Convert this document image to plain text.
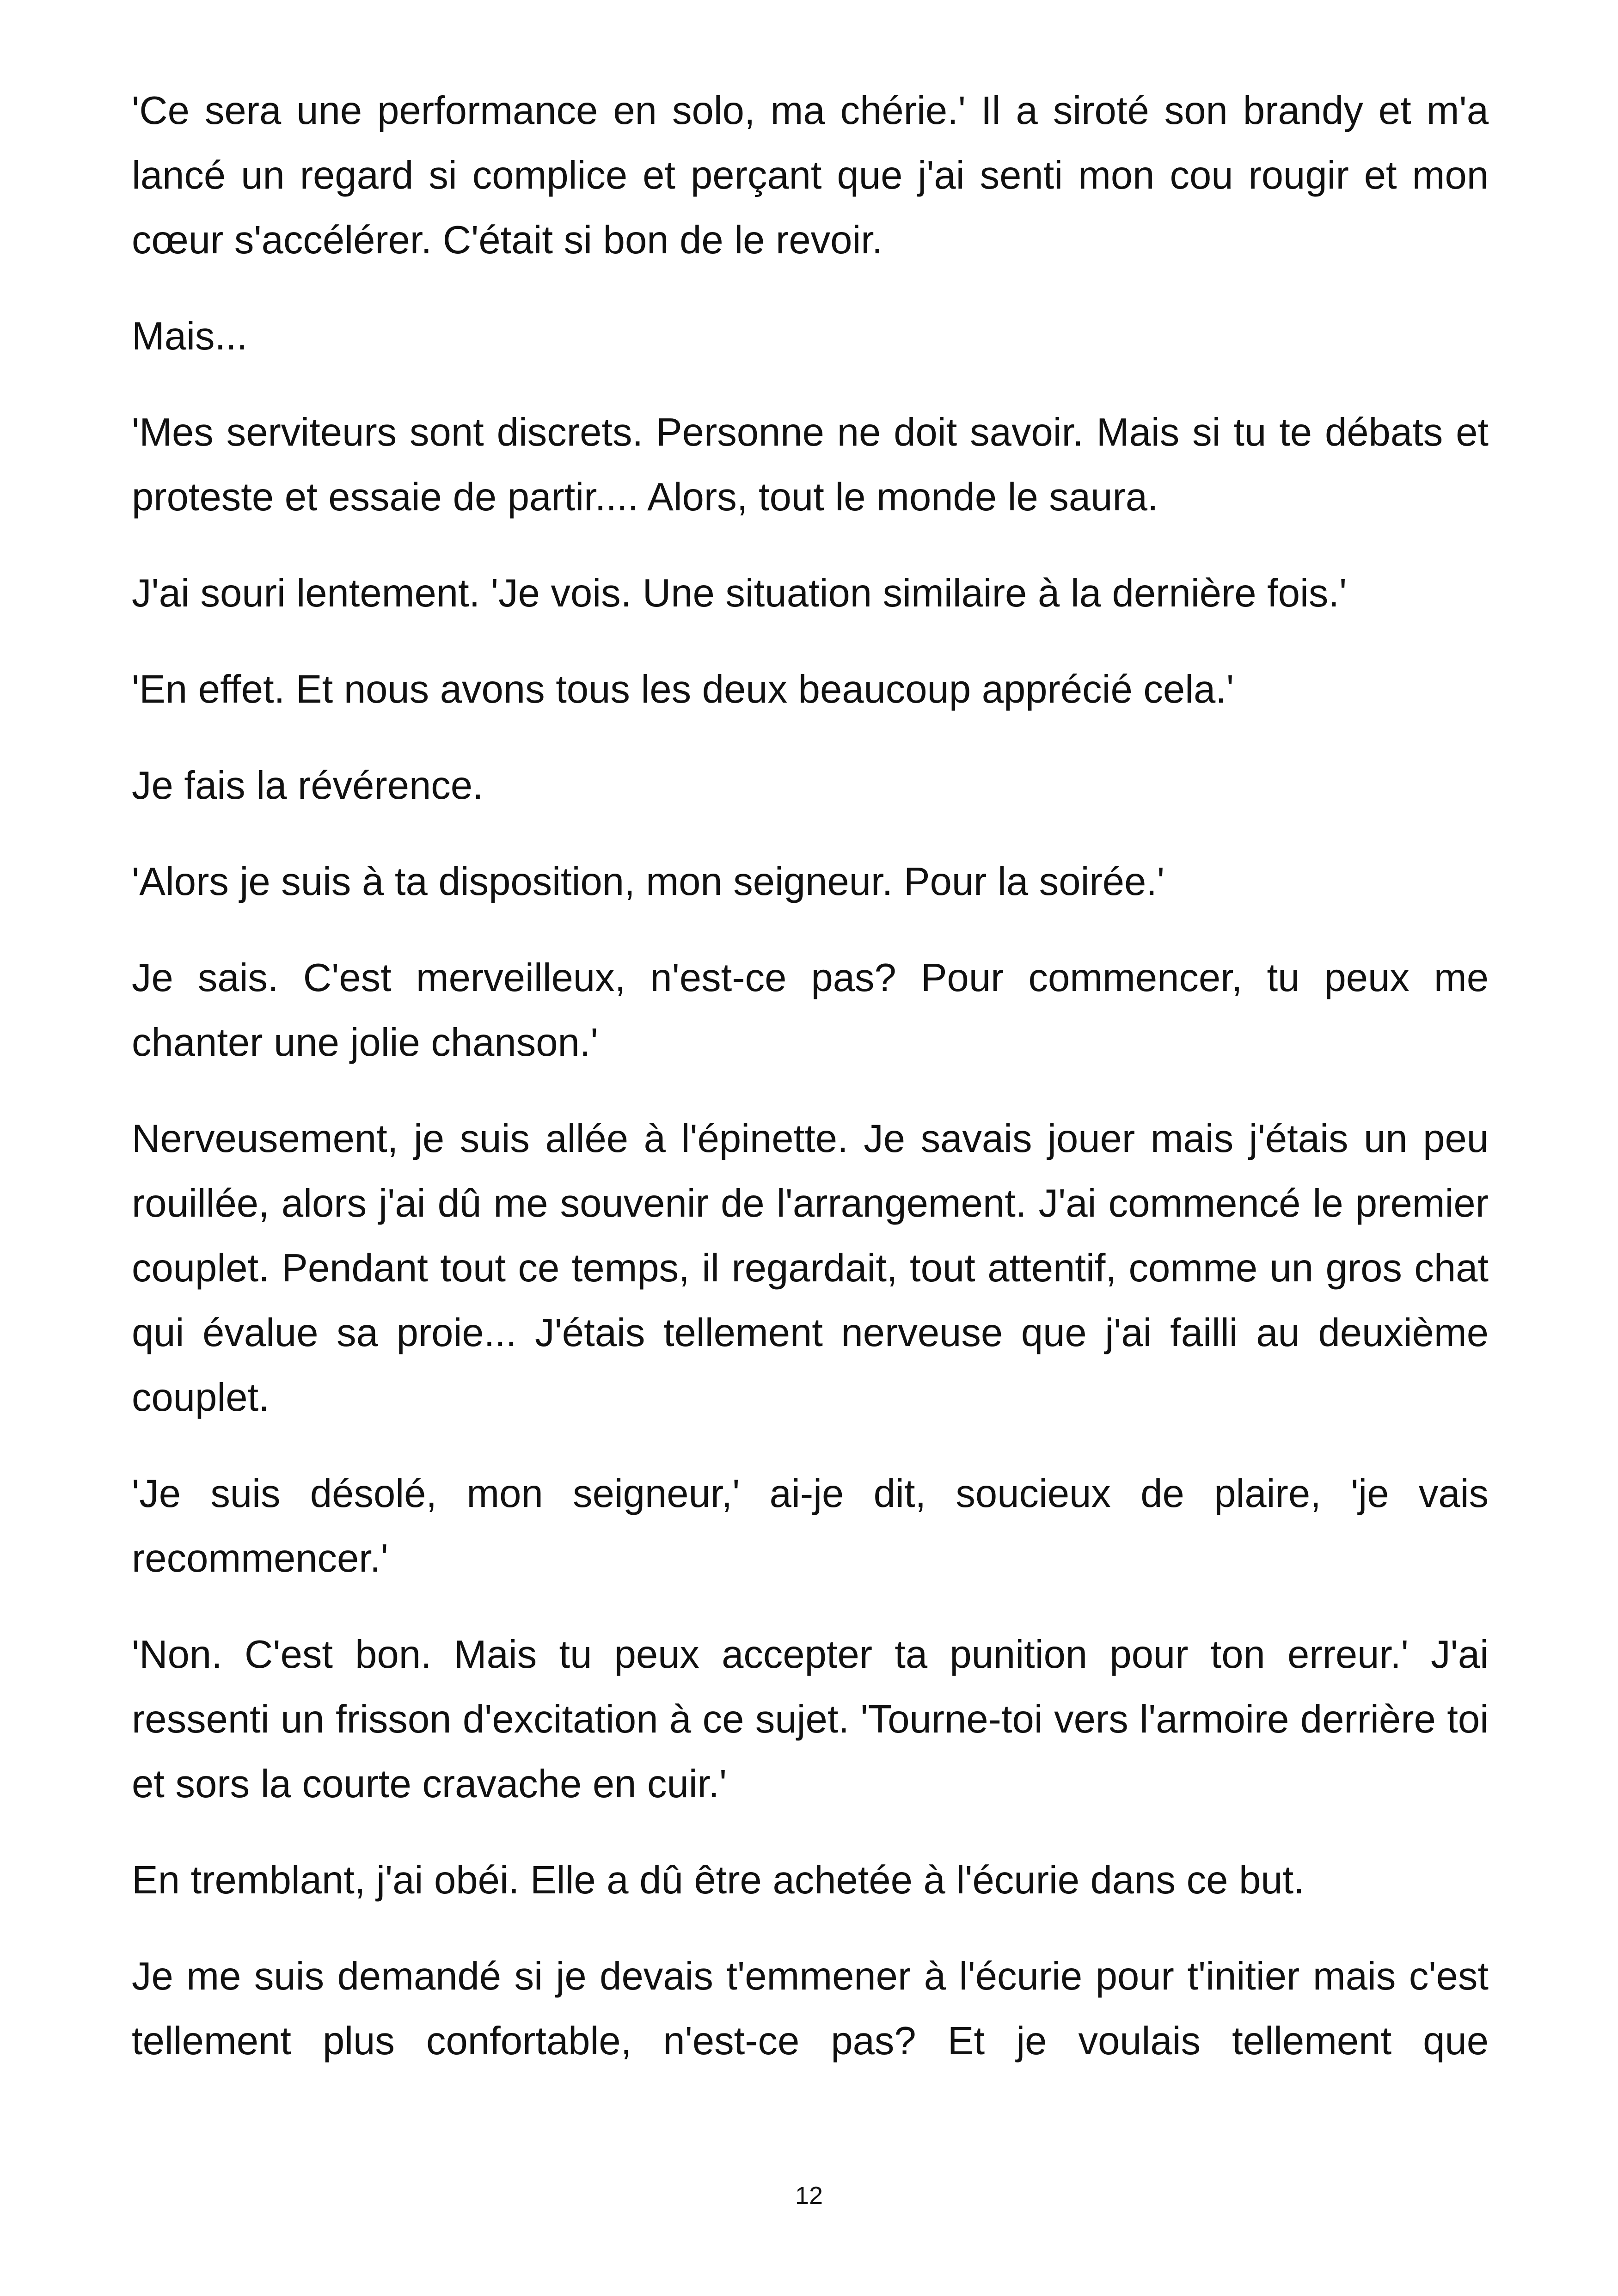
'Ce sera une performance en solo, ma chérie.' Il a siroté son brandy et m'a lancé un regard si complice et perçant que j'ai senti mon cou rougir et mon cœur s'accélérer. C'était si bon de le revoir.

Mais...

'Mes serviteurs sont discrets. Personne ne doit savoir. Mais si tu te débats et proteste et essaie de partir.... Alors, tout le monde le saura.

J'ai souri lentement. 'Je vois. Une situation similaire à la dernière fois.'

'En effet. Et nous avons tous les deux beaucoup apprécié cela.'

Je fais la révérence.

'Alors je suis à ta disposition, mon seigneur. Pour la soirée.'

Je sais. C'est merveilleux, n'est-ce pas? Pour commencer, tu peux me chanter une jolie chanson.'

Nerveusement, je suis allée à l'épinette. Je savais jouer mais j'étais un peu rouillée, alors j'ai dû me souvenir de l'arrangement. J'ai commencé le premier couplet. Pendant tout ce temps, il regardait, tout attentif, comme un gros chat qui évalue sa proie... J'étais tellement nerveuse que j'ai failli au deuxième couplet.

'Je suis désolé, mon seigneur,' ai-je dit, soucieux de plaire, 'je vais recommencer.'

'Non. C'est bon. Mais tu peux accepter ta punition pour ton erreur.' J'ai ressenti un frisson d'excitation à ce sujet. 'Tourne-toi vers l'armoire derrière toi et sors la courte cravache en cuir.'

En tremblant, j'ai obéi. Elle a dû être achetée à l'écurie dans ce but.

Je me suis demandé si je devais t'emmener à l'écurie pour t'initier mais c'est tellement plus confortable, n'est-ce pas? Et je voulais tellement que

12
